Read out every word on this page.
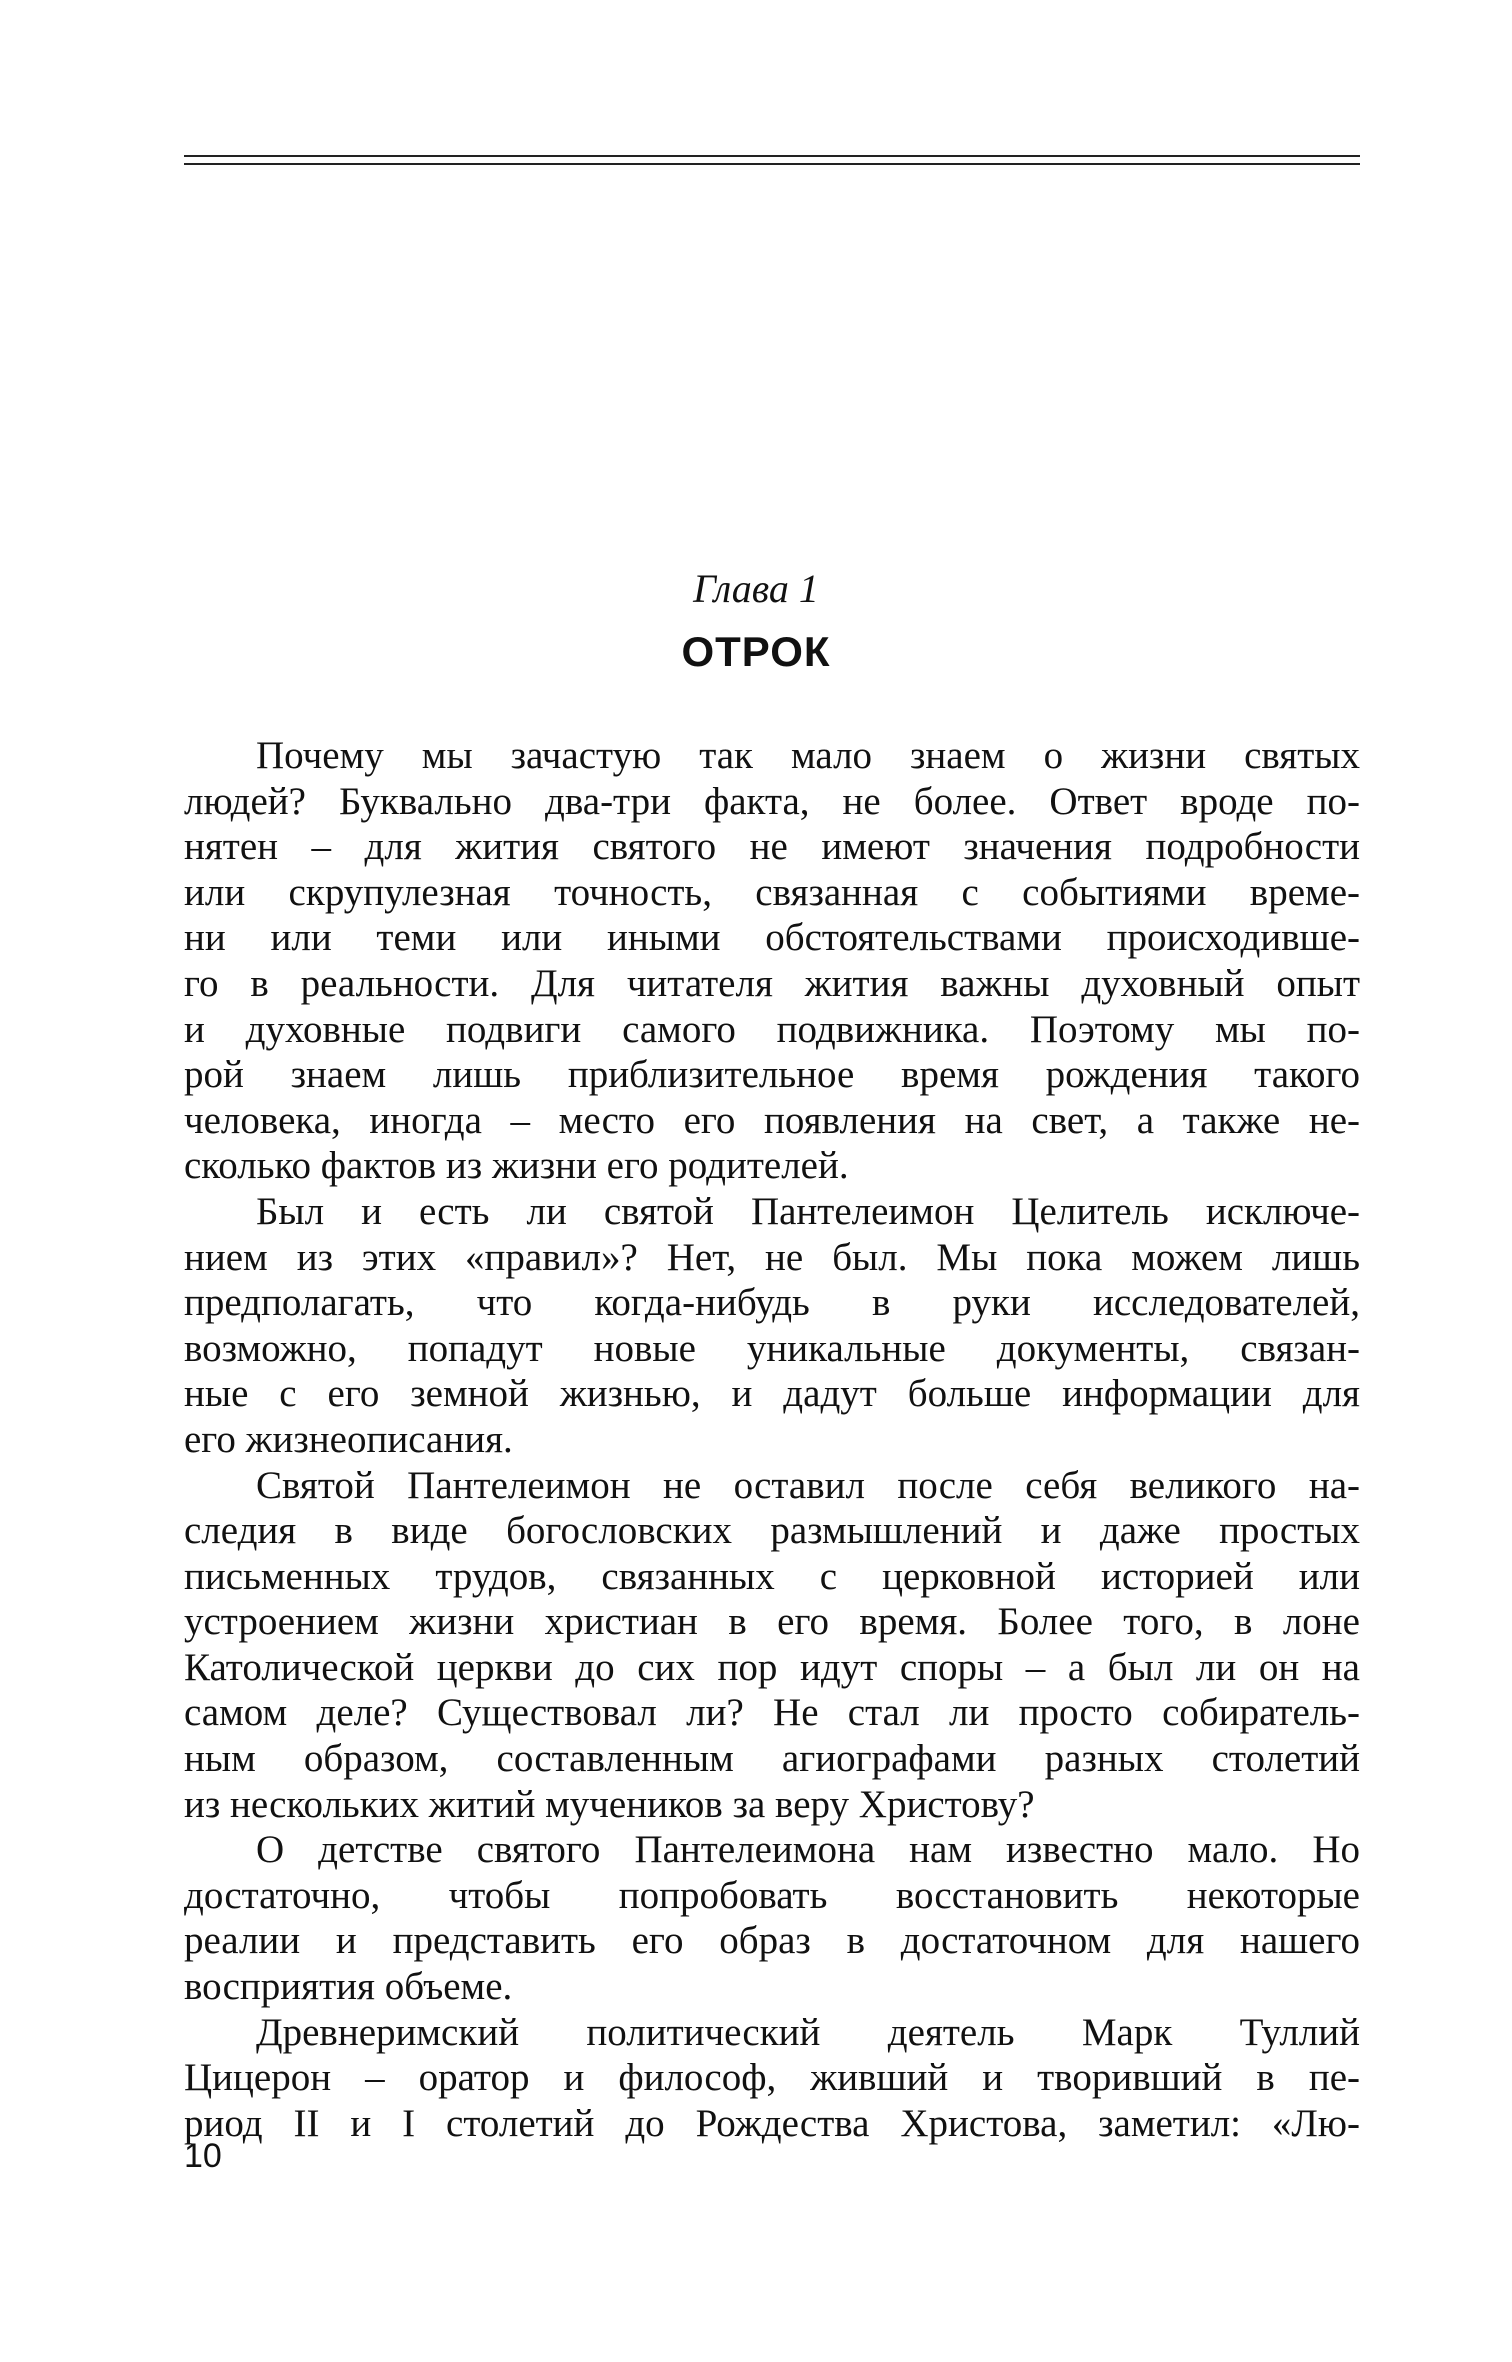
Глава 1
ОТРОК
Почему мы зачастую так мало знаем о жизни святых
людей? Буквально два-три факта, не более. Ответ вроде по-
нятен – для жития святого не имеют значения подробности
или скрупулезная точность, связанная с событиями време-
ни или теми или иными обстоятельствами происходивше-
го в реальности. Для читателя жития важны духовный опыт
и духовные подвиги самого подвижника. Поэтому мы по-
рой знаем лишь приблизительное время рождения такого
человека, иногда – место его появления на свет, а также не-
сколько фактов из жизни его родителей.
Был и есть ли святой Пантелеимон Целитель исключе-
нием из этих «правил»? Нет, не был. Мы пока можем лишь
предполагать, что когда-нибудь в руки исследователей,
возможно, попадут новые уникальные документы, связан-
ные с его земной жизнью, и дадут больше информации для
его жизнеописания.
Святой Пантелеимон не оставил после себя великого на-
следия в виде богословских размышлений и даже простых
письменных трудов, связанных с церковной историей или
устроением жизни христиан в его время. Более того, в лоне
Католической церкви до сих пор идут споры – а был ли он на
самом деле? Существовал ли? Не стал ли просто собиратель-
ным образом, составленным агиографами разных столетий
из нескольких житий мучеников за веру Христову?
О детстве святого Пантелеимона нам известно мало. Но
достаточно, чтобы попробовать восстановить некоторые
реалии и представить его образ в достаточном для нашего
восприятия объеме.
Древнеримский политический деятель Марк Туллий
Цицерон – оратор и философ, живший и творивший в пе-
риод II и I столетий до Рождества Христова, заметил: «Лю-
10
